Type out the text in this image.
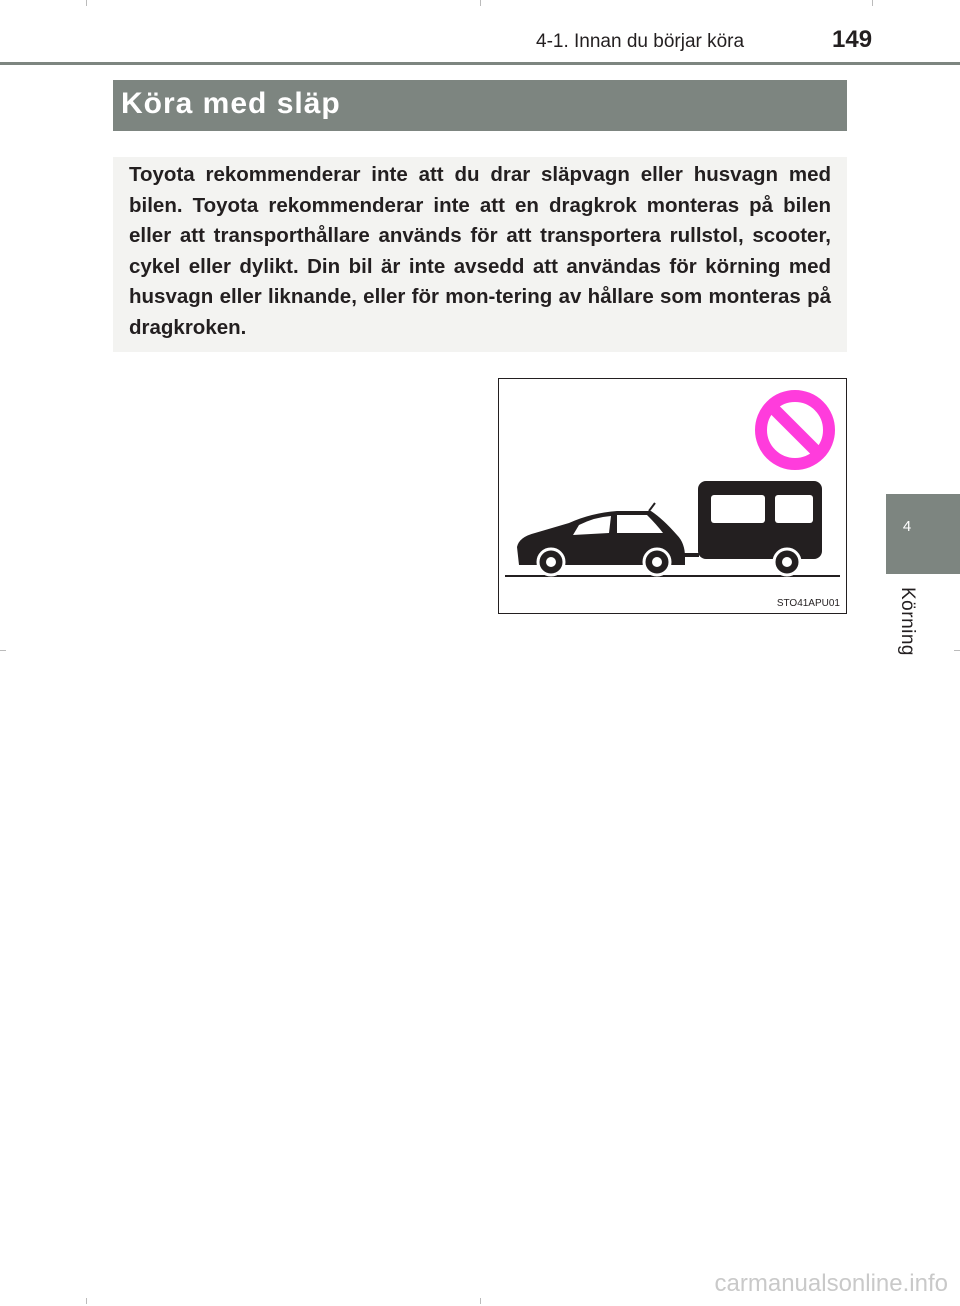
4-1. Innan du börjar köra	149
Köra med släp
Toyota rekommenderar inte att du drar släpvagn eller husvagn med bilen. Toyota rekommenderar inte att en dragkrok monteras på bilen eller att transporthållare används för att transportera rullstol, scooter, cykel eller dylikt. Din bil är inte avsedd att användas för körning med husvagn eller liknande, eller för mon-tering av hållare som monteras på dragkroken.
STO41APU01
4
Körning
carmanualsonline.info
